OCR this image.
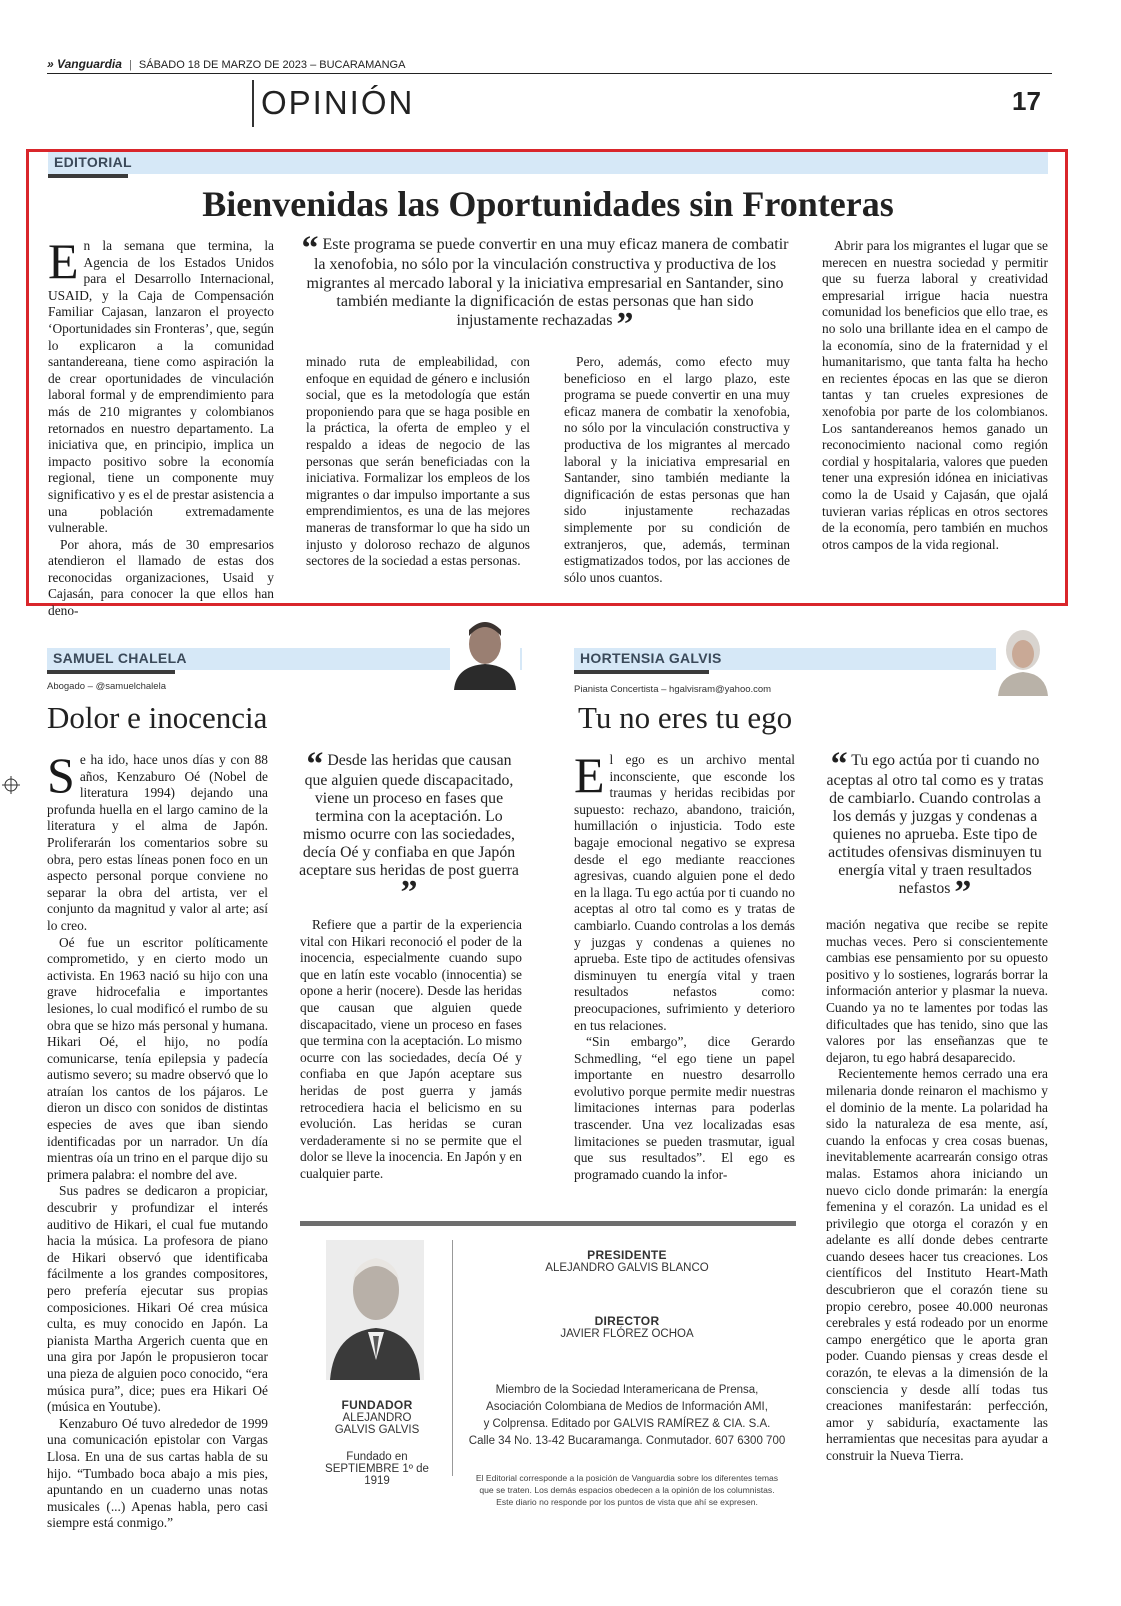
» Vanguardia | SÁBADO 18 DE MARZO DE 2023 – BUCARAMANGA
OPINIÓN	17
EDITORIAL
Bienvenidas las Oportunidades sin Fronteras

En la semana que termina, la Agencia de los Estados Unidos para el Desarrollo Internacional, USAID, y la Caja de Compensación Familiar Cajasan, lanzaron el proyecto ‘Oportunidades sin Fronteras’, que, según lo explicaron a la comunidad santandereana, tiene como aspiración la de crear oportunidades de vinculación laboral formal y de emprendimiento para más de 210 migrantes y colombianos retornados en nuestro departamento. La iniciativa que, en principio, implica un impacto positivo sobre la economía regional, tiene un componente muy significativo y es el de prestar asistencia a una población extremadamente vulnerable.

Por ahora, más de 30 empresarios atendieron el llamado de estas dos reconocidas organizaciones, Usaid y Cajasán, para conocer la que ellos han deno-

“ Este programa se puede convertir en una muy eficaz manera de combatir la xenofobia, no sólo por la vinculación constructiva y productiva de los migrantes al mercado laboral y la iniciativa empresarial en Santander, sino también mediante la dignificación de estas personas que han sido injustamente rechazadas ”

minado ruta de empleabilidad, con enfoque en equidad de género e inclusión social, que es la metodología que están proponiendo para que se haga posible en la práctica, la oferta de empleo y el respaldo a ideas de negocio de las personas que serán beneficiadas con la iniciativa. Formalizar los empleos de los migrantes o dar impulso importante a sus emprendimientos, es una de las mejores maneras de transformar lo que ha sido un injusto y doloroso rechazo de algunos sectores de la sociedad a estas personas.

Pero, además, como efecto muy beneficioso en el largo plazo, este programa se puede convertir en una muy eficaz manera de combatir la xenofobia, no sólo por la vinculación constructiva y productiva de los migrantes al mercado laboral y la iniciativa empresarial en Santander, sino también mediante la dignificación de estas personas que han sido injustamente rechazadas simplemente por su condición de extranjeros, que, además, terminan estigmatizados todos, por las acciones de sólo unos cuantos.

Abrir para los migrantes el lugar que se merecen en nuestra sociedad y permitir que su fuerza laboral y creatividad empresarial irrigue hacia nuestra comunidad los beneficios que ello trae, es no solo una brillante idea en el campo de la economía, sino de la fraternidad y el humanitarismo, que tanta falta ha hecho en recientes épocas en las que se dieron tantas y tan crueles expresiones de xenofobia por parte de los colombianos. Los santandereanos hemos ganado un reconocimiento nacional como región cordial y hospitalaria, valores que pueden tener una expresión idónea en iniciativas como la de Usaid y Cajasán, que ojalá tuvieran varias réplicas en otros sectores de la economía, pero también en muchos otros campos de la vida regional.

SAMUEL CHALELA
Abogado – @samuelchalela
Dolor e inocencia

Se ha ido, hace unos días y con 88 años, Kenzaburo Oé (Nobel de literatura 1994) dejando una profunda huella en el largo camino de la literatura y el alma de Japón. Proliferarán los comentarios sobre su obra, pero estas líneas ponen foco en un aspecto personal porque conviene no separar la obra del artista, ver el conjunto da magnitud y valor al arte; así lo creo.

Oé fue un escritor políticamente comprometido, y en cierto modo un activista. En 1963 nació su hijo con una grave hidrocefalia e importantes lesiones, lo cual modificó el rumbo de su obra que se hizo más personal y humana. Hikari Oé, el hijo, no podía comunicarse, tenía epilepsia y padecía autismo severo; su madre observó que lo atraían los cantos de los pájaros. Le dieron un disco con sonidos de distintas especies de aves que iban siendo identificadas por un narrador. Un día mientras oía un trino en el parque dijo su primera palabra: el nombre del ave.

Sus padres se dedicaron a propiciar, descubrir y profundizar el interés auditivo de Hikari, el cual fue mutando hacia la música. La profesora de piano de Hikari observó que identificaba fácilmente a los grandes compositores, pero prefería ejecutar sus propias composiciones. Hikari Oé crea música culta, es muy conocido en Japón. La pianista Martha Argerich cuenta que en una gira por Japón le propusieron tocar una pieza de alguien poco conocido, “era música pura”, dice; pues era Hikari Oé (música en Youtube).

Kenzaburo Oé tuvo alrededor de 1999 una comunicación epistolar con Vargas Llosa. En una de sus cartas habla de su hijo. “Tumbado boca abajo a mis pies, apuntando en un cuaderno unas notas musicales (...) Apenas habla, pero casi siempre está conmigo.”

“ Desde las heridas que causan que alguien quede discapacitado, viene un proceso en fases que termina con la aceptación. Lo mismo ocurre con las sociedades, decía Oé y confiaba en que Japón aceptare sus heridas de post guerra ”

Refiere que a partir de la experiencia vital con Hikari reconoció el poder de la inocencia, especialmente cuando supo que en latín este vocablo (innocentia) se opone a herir (nocere). Desde las heridas que causan que alguien quede discapacitado, viene un proceso en fases que termina con la aceptación. Lo mismo ocurre con las sociedades, decía Oé y confiaba en que Japón aceptare sus heridas de post guerra y jamás retrocediera hacia el belicismo en su evolución. Las heridas se curan verdaderamente si no se permite que el dolor se lleve la inocencia. En Japón y en cualquier parte.

HORTENSIA GALVIS
Pianista Concertista – hgalvisram@yahoo.com
Tu no eres tu ego

El ego es un archivo mental inconsciente, que esconde los traumas y heridas recibidas por supuesto: rechazo, abandono, traición, humillación o injusticia. Todo este bagaje emocional negativo se expresa desde el ego mediante reacciones agresivas, cuando alguien pone el dedo en la llaga. Tu ego actúa por ti cuando no aceptas al otro tal como es y tratas de cambiarlo. Cuando controlas a los demás y juzgas y condenas a quienes no aprueba. Este tipo de actitudes ofensivas disminuyen tu energía vital y traen resultados nefastos como: preocupaciones, sufrimiento y deterioro en tus relaciones.

“Sin embargo”, dice Gerardo Schmedling, “el ego tiene un papel importante en nuestro desarrollo evolutivo porque permite medir nuestras limitaciones internas para poderlas trascender. Una vez localizadas esas limitaciones se pueden trasmutar, igual que sus resultados”. El ego es programado cuando la infor-

“ Tu ego actúa por ti cuando no aceptas al otro tal como es y tratas de cambiarlo. Cuando controlas a los demás y juzgas y condenas a quienes no aprueba. Este tipo de actitudes ofensivas disminuyen tu energía vital y traen resultados nefastos ”

mación negativa que recibe se repite muchas veces. Pero si conscientemente cambias ese pensamiento por su opuesto positivo y lo sostienes, lograrás borrar la información anterior y plasmar la nueva. Cuando ya no te lamentes por todas las dificultades que has tenido, sino que las valores por las enseñanzas que te dejaron, tu ego habrá desaparecido.

Recientemente hemos cerrado una era milenaria donde reinaron el machismo y el dominio de la mente. La polaridad ha sido la naturaleza de esa mente, así, cuando la enfocas y crea cosas buenas, inevitablemente acarrearán consigo otras malas. Estamos ahora iniciando un nuevo ciclo donde primarán: la energía femenina y el corazón. La unidad es el privilegio que otorga el corazón y en adelante es allí donde debes centrarte cuando desees hacer tus creaciones. Los científicos del Instituto Heart-Math descubrieron que el corazón tiene su propio cerebro, posee 40.000 neuronas cerebrales y está rodeado por un enorme campo energético que le aporta gran poder. Cuando piensas y creas desde el corazón, te elevas a la dimensión de la consciencia y desde allí todas tus creaciones manifestarán: perfección, amor y sabiduría, exactamente las herramientas que necesitas para ayudar a construir la Nueva Tierra.

FUNDADOR
ALEJANDRO
GALVIS GALVIS
Fundado en
SEPTIEMBRE 1º de 1919
PRESIDENTE
ALEJANDRO GALVIS BLANCO
DIRECTOR
JAVIER FLÓREZ OCHOA
Miembro de la Sociedad Interamericana de Prensa,
Asociación Colombiana de Medios de Información AMI,
y Colprensa. Editado por GALVIS RAMÍREZ & CIA. S.A.
Calle 34 No. 13-42 Bucaramanga. Conmutador. 607 6300 700
El Editorial corresponde a la posición de Vanguardia sobre los diferentes temas
que se traten. Los demás espacios obedecen a la opinión de los columnistas.
Este diario no responde por los puntos de vista que ahí se expresen.
